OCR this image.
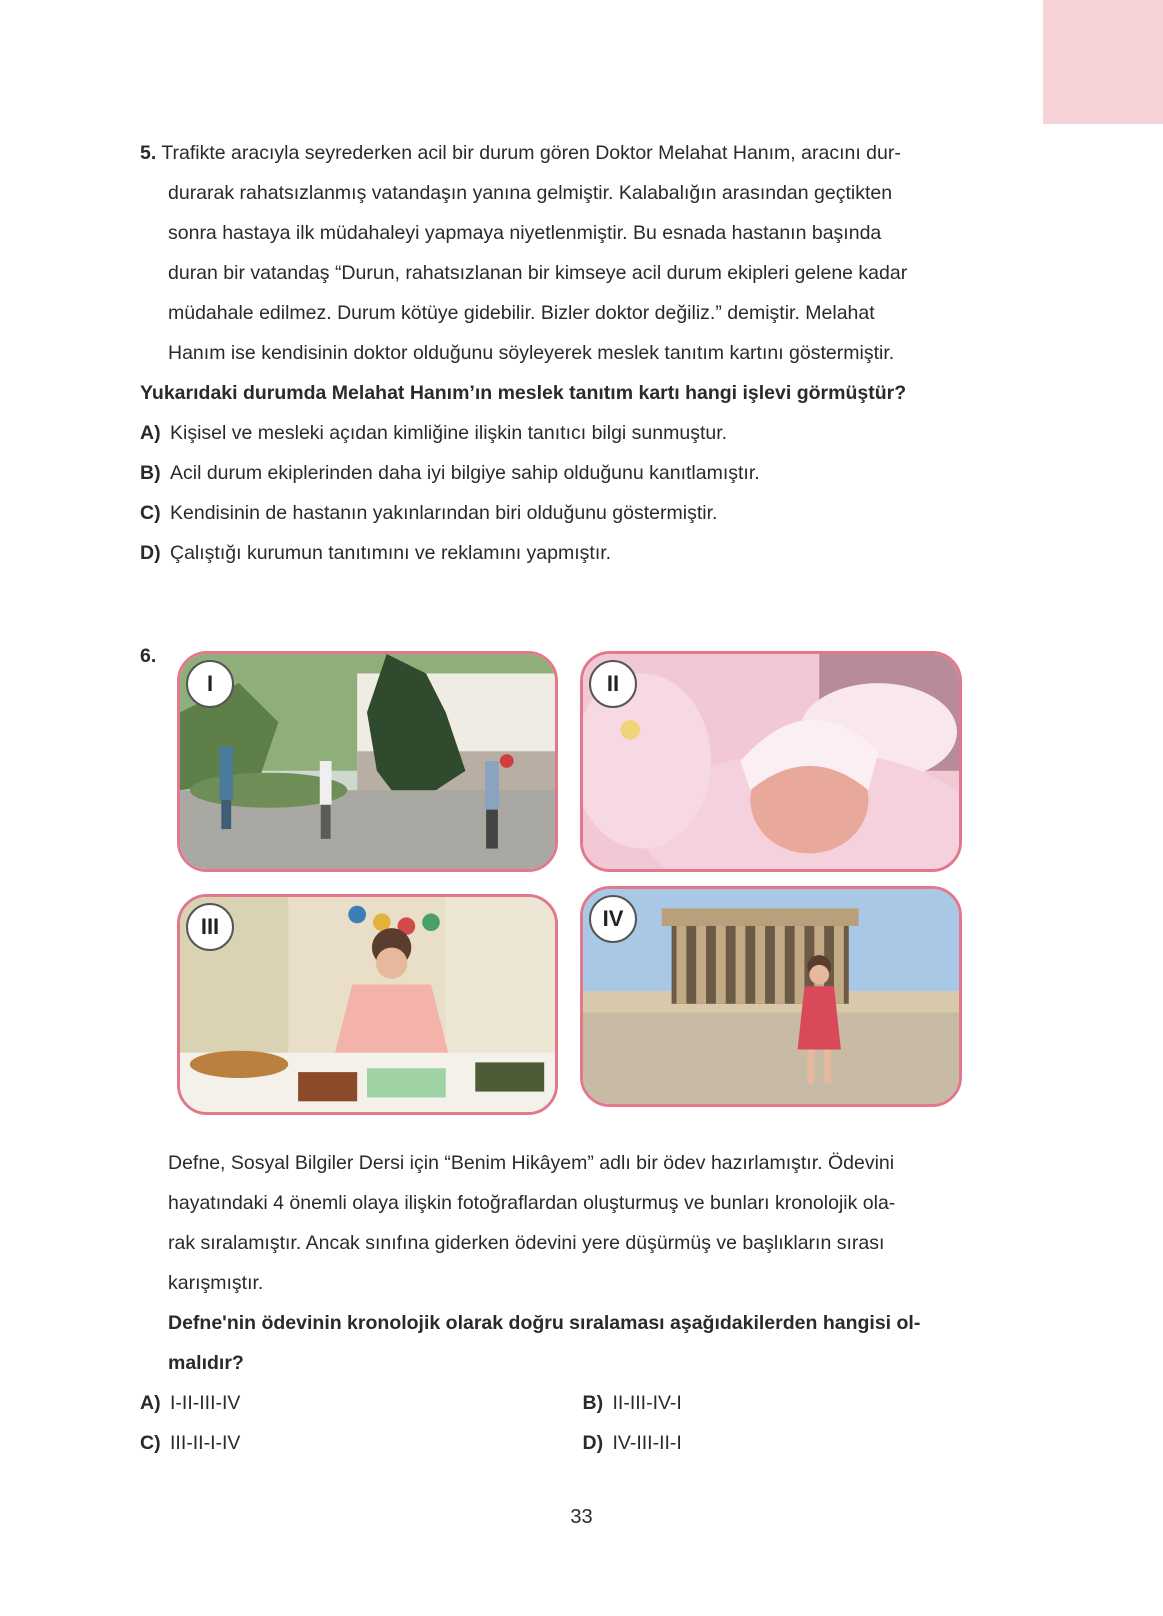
5. Trafikte aracıyla seyrederken acil bir durum gören Doktor Melahat Hanım, aracını dur-
durarak rahatsızlanmış vatandaşın yanına gelmiştir. Kalabalığın arasından geçtikten
sonra hastaya ilk müdahaleyi yapmaya niyetlenmiştir. Bu esnada hastanın başında
duran bir vatandaş “Durun, rahatsızlanan bir kimseye acil durum ekipleri gelene kadar
müdahale edilmez. Durum kötüye gidebilir. Bizler doktor değiliz.” demiştir. Melahat
Hanım ise kendisinin doktor olduğunu söyleyerek meslek tanıtım kartını göstermiştir.
Yukarıdaki durumda Melahat Hanım’ın meslek tanıtım kartı hangi işlevi görmüştür?
A) Kişisel ve mesleki açıdan kimliğine ilişkin tanıtıcı bilgi sunmuştur.
B) Acil durum ekiplerinden daha iyi bilgiye sahip olduğunu kanıtlamıştır.
C) Kendisinin de hastanın yakınlarından biri olduğunu göstermiştir.
D) Çalıştığı kurumun tanıtımını ve reklamını yapmıştır.
6.
I	II
III	IV
Defne, Sosyal Bilgiler Dersi için “Benim Hikâyem” adlı bir ödev hazırlamıştır. Ödevini
hayatındaki 4 önemli olaya ilişkin fotoğraflardan oluşturmuş ve bunları kronolojik ola-
rak sıralamıştır. Ancak sınıfına giderken ödevini yere düşürmüş ve başlıkların sırası
karışmıştır.
Defne'nin ödevinin kronolojik olarak doğru sıralaması aşağıdakilerden hangisi ol-
malıdır?
A) I-II-III-IV	B) II-III-IV-I
C) III-II-I-IV	D) IV-III-II-I
33
